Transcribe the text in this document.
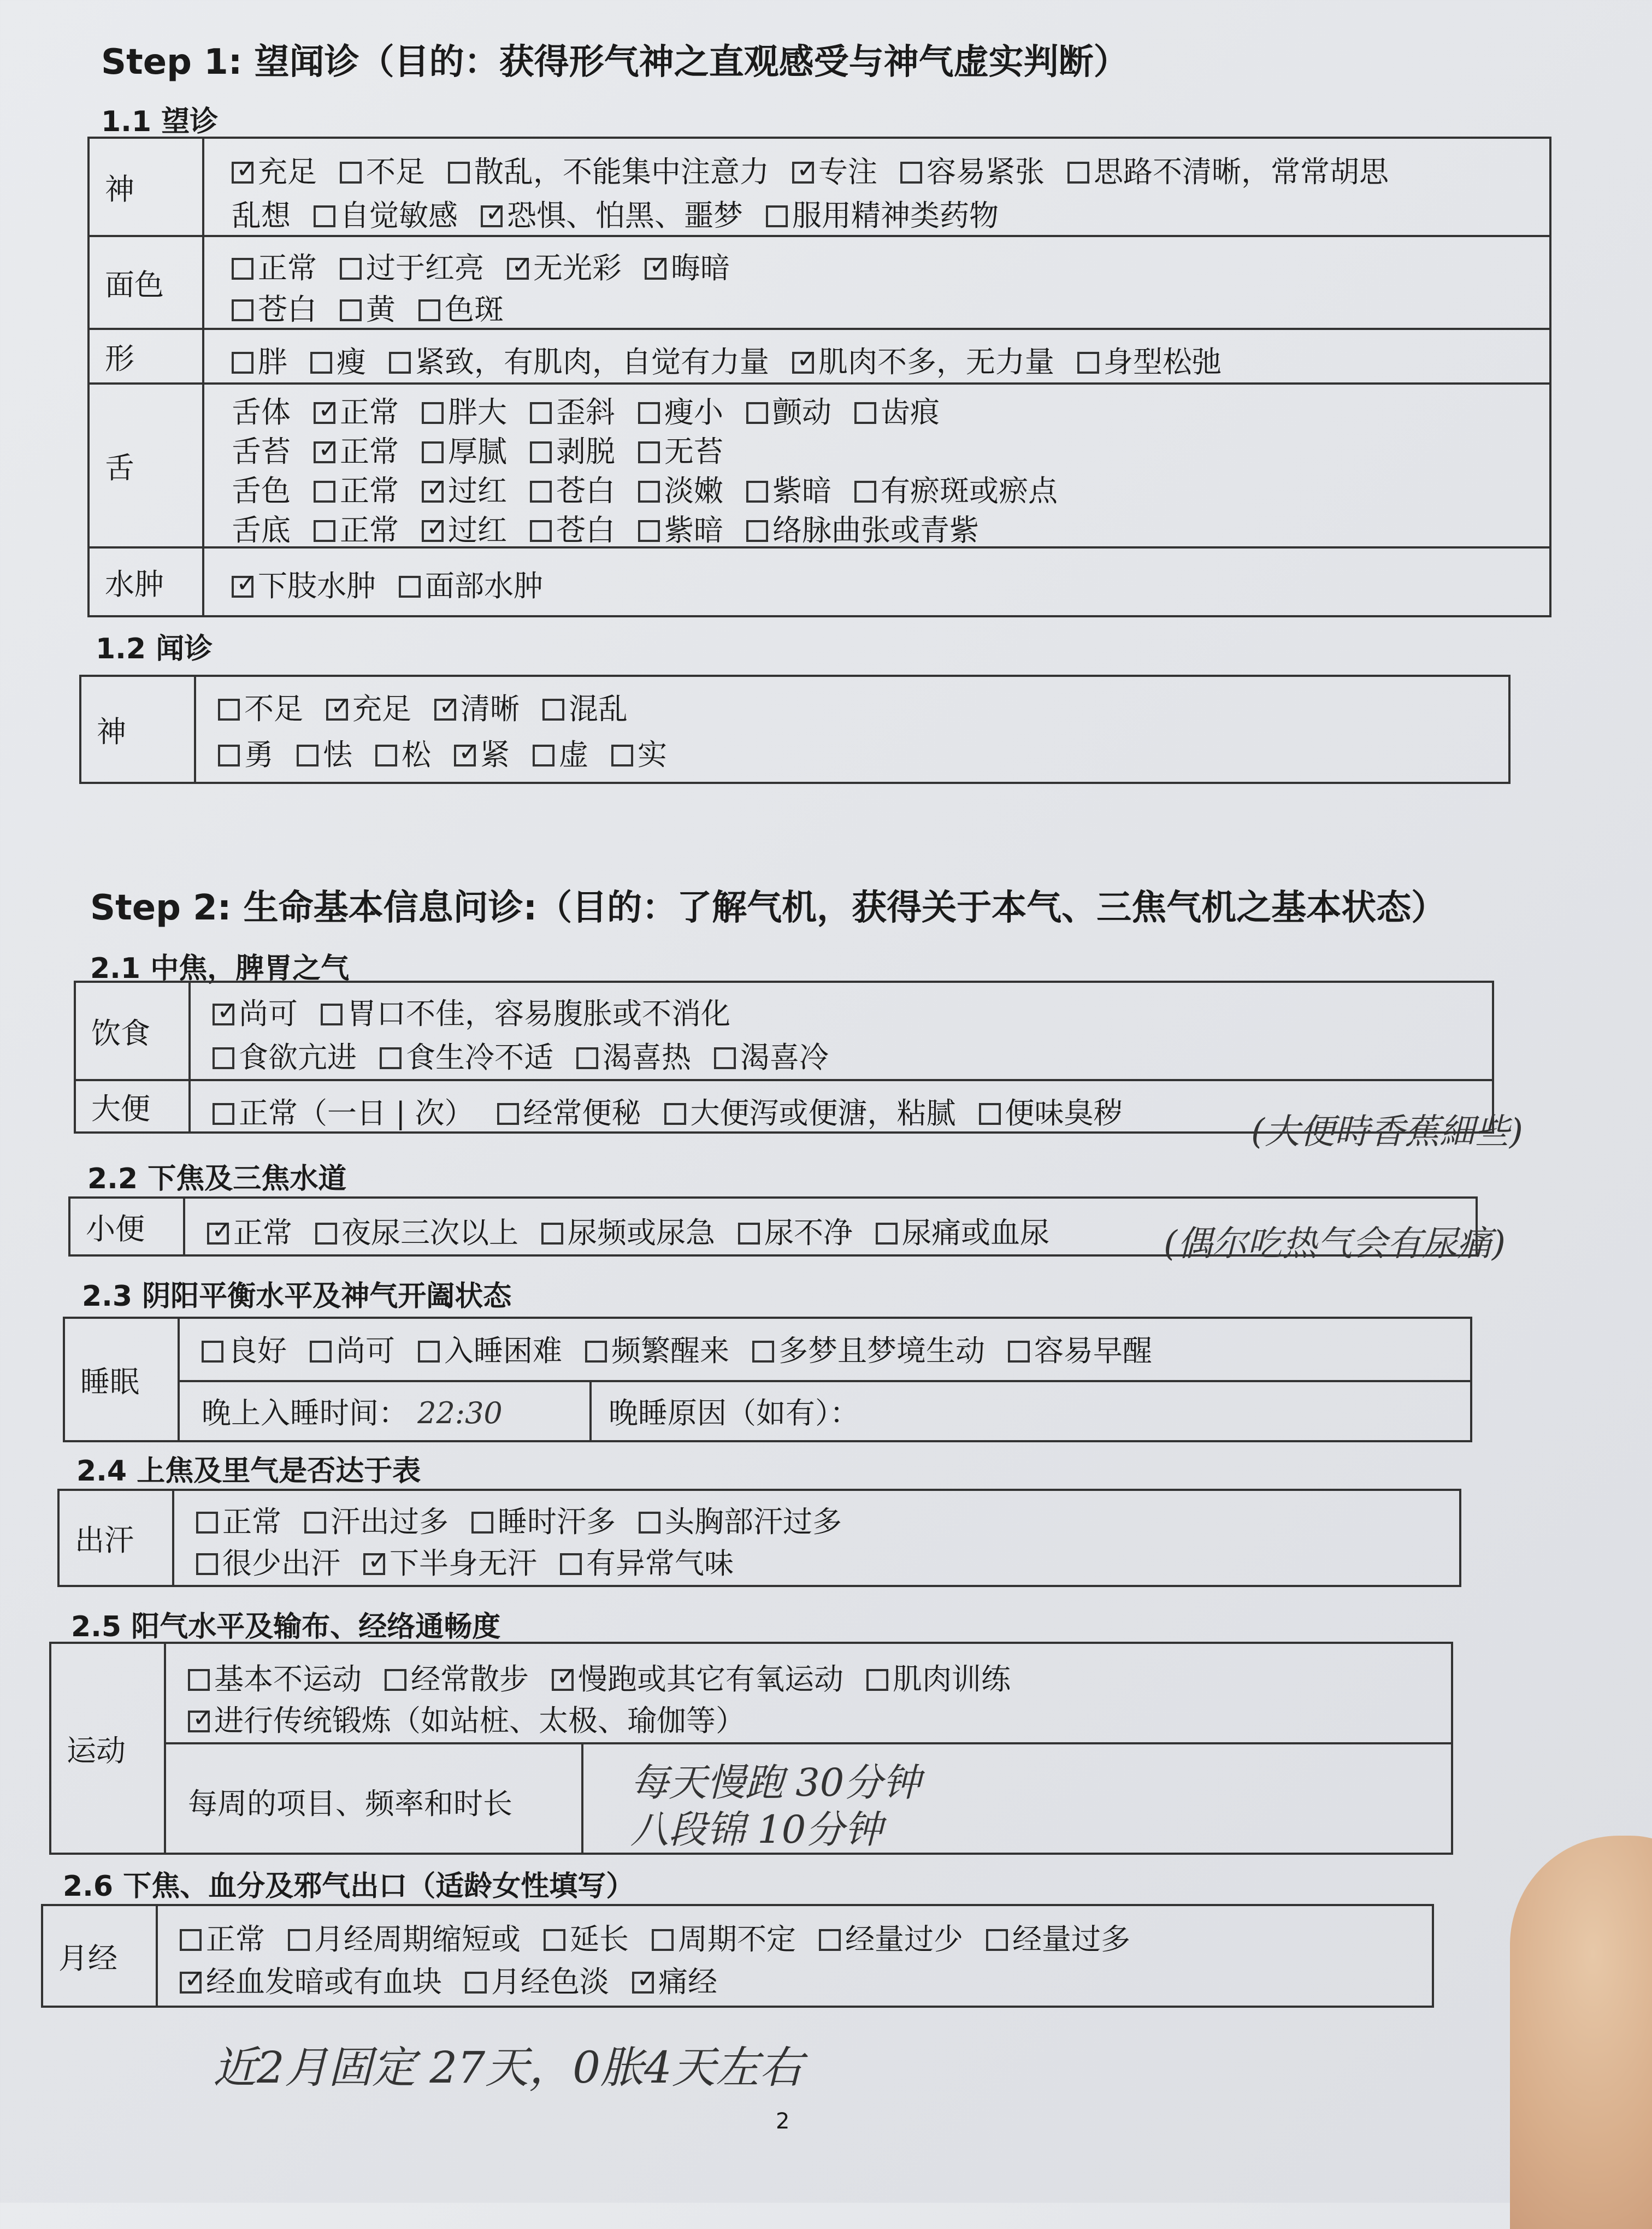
Step 1: 望闻诊（目的：获得形气神之直观感受与神气虚实判断）
1.1 望诊
神 ✓	充足 不足 散乱，不能集中注意力 ✓ 专注 容易紧张 思路不清晰，常常胡思
乱想 自觉敏感 ✓ 恐惧、怕黑、噩梦 服用精神类药物
面色	正常 过于红亮 ✓ 无光彩 ✓ 晦暗
苍白 黄 色斑
形	胖 瘦 紧致，有肌肉，自觉有力量 ✓ 肌肉不多，无力量 身型松弛
舌
舌体 ✓ 正常 胖大 歪斜 瘦小 颤动 齿痕
舌苔 ✓ 正常 厚腻 剥脱 无苔
舌色 正常 ✓ 过红 苍白 淡嫩 紫暗 有瘀斑或瘀点
舌底 正常 ✓ 过红 苍白 紫暗 络脉曲张或青紫
水肿 ✓	下肢水肿 面部水肿
1.2 闻诊
神
不足 ✓ 充足 ✓ 清晰 混乱
勇 怯 松 ✓ 紧 虚 实
Step 2: 生命基本信息问诊:（目的：了解气机，获得关于本气、三焦气机之基本状态）
2.1 中焦，脾胃之气
饮食
✓尚可 胃口不佳，容易腹胀或不消化
食欲亢进 食生冷不适 渴喜热 渴喜冷
大便	正常（一日 | 次） 经常便秘 大便泻或便溏，粘腻 便味臭秽	(大便時香蕉細些)
2.2 下焦及三焦水道
小便 ✓	正常 夜尿三次以上 尿频或尿急 尿不净 尿痛或血尿	(偶尔吃热气会有尿痛)
2.3 阴阳平衡水平及神气开阖状态
睡眠
良好 尚可 入睡困难 频繁醒来 多梦且梦境生动 容易早醒
晚上入睡时间： 22:30	晚睡原因（如有）：
2.4 上焦及里气是否达于表
出汗
正常 汗出过多 睡时汗多 头胸部汗过多
很少出汗 ✓ 下半身无汗 有异常气味
2.5 阳气水平及输布、经络通畅度
运动
基本不运动 经常散步 ✓ 慢跑或其它有氧运动 肌肉训练
✓进行传统锻炼（如站桩、太极、瑜伽等）
每周的项目、频率和时长	每天慢跑 30分钟
八段锦 10分钟
2.6 下焦、血分及邪气出口（适龄女性填写）
月经
正常 月经周期缩短或 延长 周期不定 经量过少 经量过多
✓经血发暗或有血块 月经色淡 ✓ 痛经
近2月固定 27天，0胀4天左右
2
